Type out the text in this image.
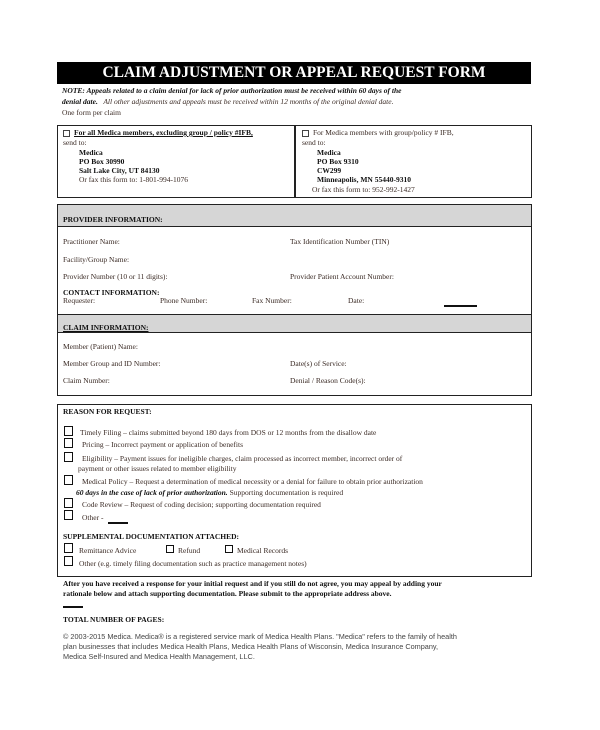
CLAIM ADJUSTMENT OR APPEAL REQUEST FORM
NOTE: Appeals related to a claim denial for lack of prior authorization must be received within 60 days of the
denial date. All other adjustments and appeals must be received within 12 months of the original denial date.
One form per claim
For all Medica members, excluding group / policy #IFB,
send to:
Medica
PO Box 30990
Salt Lake City, UT 84130
Or fax this form to: 1-801-994-1076
For Medica members with group/policy # IFB,
send to:
Medica
PO Box 9310
CW299
Minneapolis, MN 55440-9310
Or fax this form to: 952-992-1427
PROVIDER INFORMATION:
Practitioner Name:	Tax Identification Number (TIN)
Facility/Group Name:
Provider Number (10 or 11 digits):	Provider Patient Account Number:
CONTACT INFORMATION:
Requester:	Phone Number:	Fax Number:	Date:
CLAIM INFORMATION:
Member (Patient) Name:
Member Group and ID Number:	Date(s) of Service:
Claim Number:	Denial / Reason Code(s):
REASON FOR REQUEST:
Timely Filing – claims submitted beyond 180 days from DOS or 12 months from the disallow date
Pricing – Incorrect payment or application of benefits
Eligibility – Payment issues for ineligible charges, claim processed as incorrect member, incorrect order of
payment or other issues related to member eligibility
Medical Policy – Request a determination of medical necessity or a denial for failure to obtain prior authorization
60 days in the case of lack of prior authorization. Supporting documentation is required
Code Review – Request of coding decision; supporting documentation required
Other -
SUPPLEMENTAL DOCUMENTATION ATTACHED:
Remittance Advice	Refund	Medical Records
Other (e.g. timely filing documentation such as practice management notes)
After you have received a response for your initial request and if you still do not agree, you may appeal by adding your
rationale below and attach supporting documentation. Please submit to the appropriate address above.
TOTAL NUMBER OF PAGES:
© 2003-2015 Medica. Medica® is a registered service mark of Medica Health Plans. "Medica" refers to the family of health
plan businesses that includes Medica Health Plans, Medica Health Plans of Wisconsin, Medica Insurance Company,
Medica Self-Insured and Medica Health Management, LLC.
